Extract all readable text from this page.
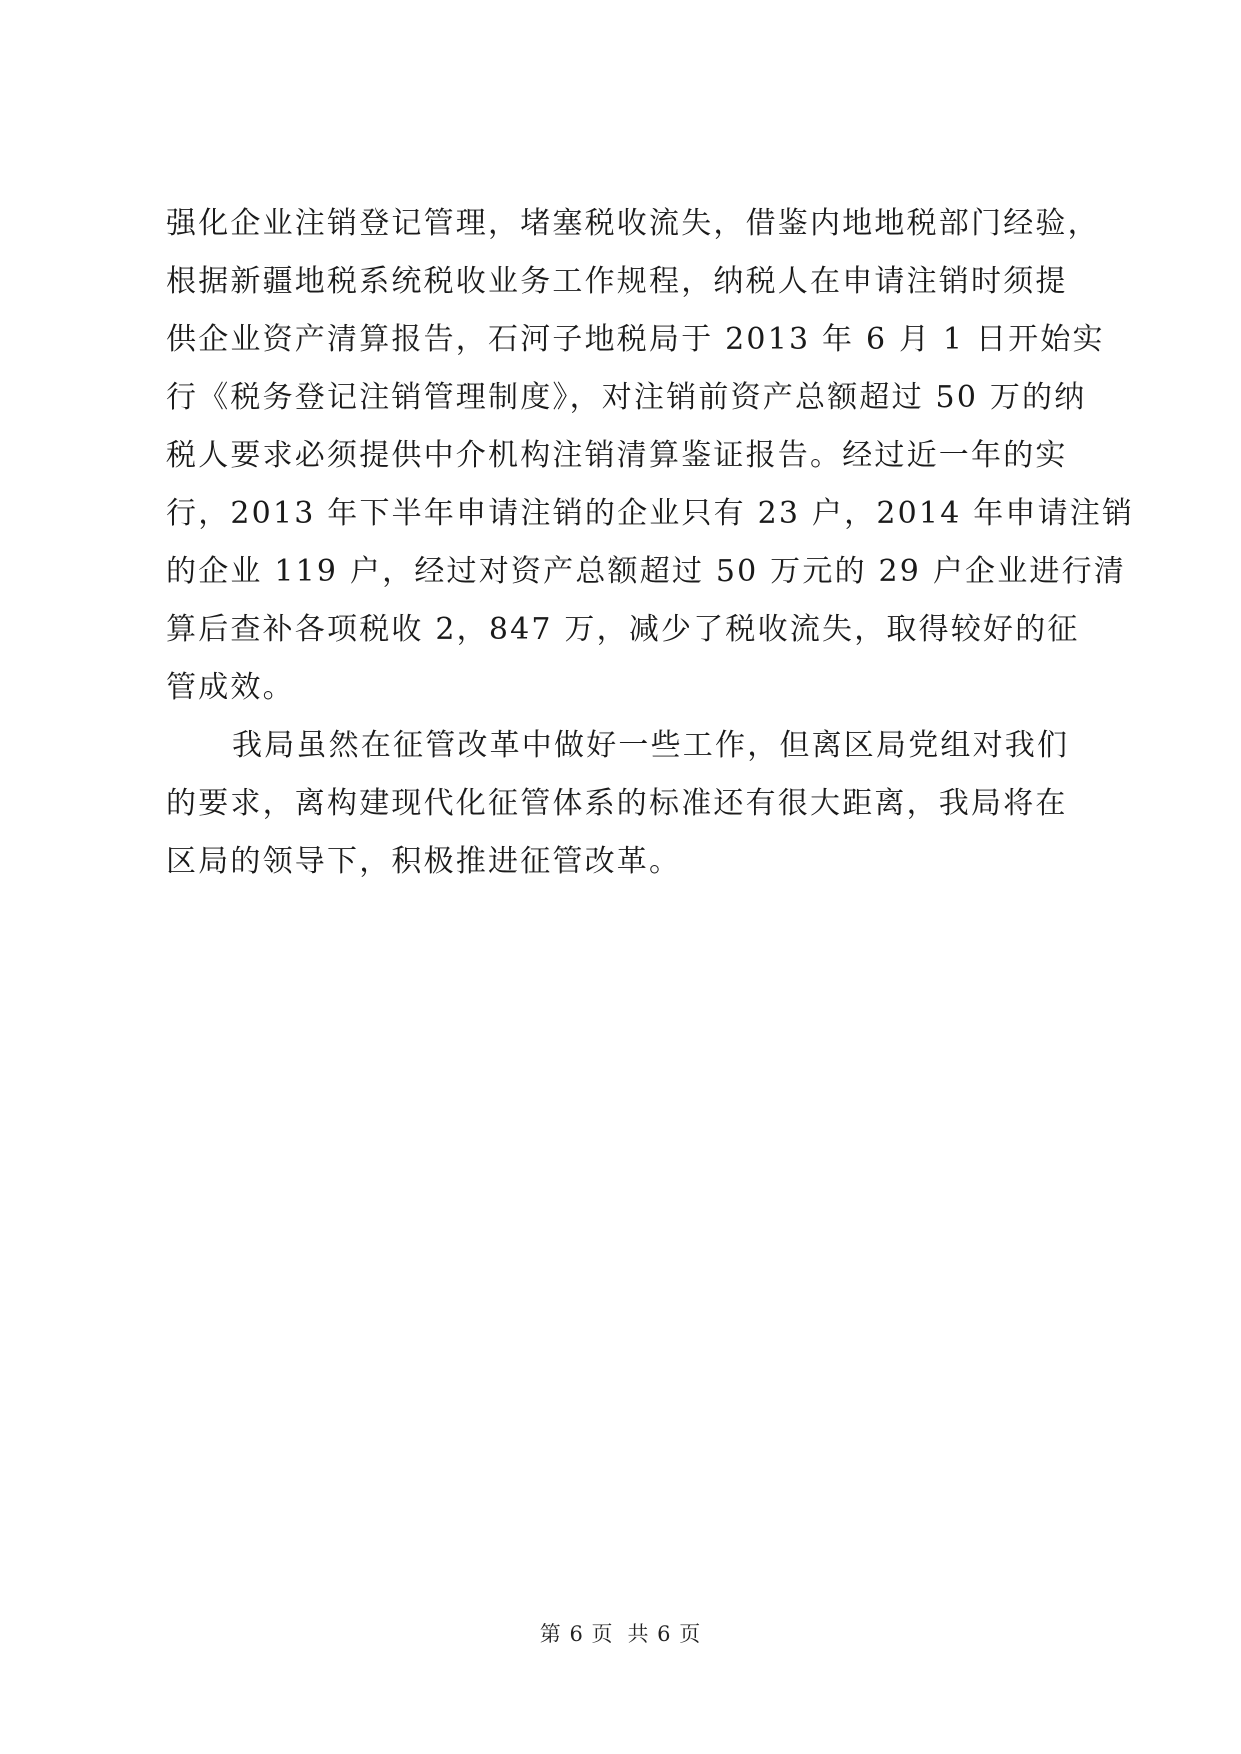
强化企业注销登记管理，堵塞税收流失，借鉴内地地税部门经验，
根据新疆地税系统税收业务工作规程，纳税人在申请注销时须提
供企业资产清算报告，石河子地税局于 2013 年 6 月 1 日开始实
行《税务登记注销管理制度》，对注销前资产总额超过 50 万的纳
税人要求必须提供中介机构注销清算鉴证报告。经过近一年的实
行，2013 年下半年申请注销的企业只有 23 户，2014 年申请注销
的企业 119 户，经过对资产总额超过 50 万元的 29 户企业进行清
算后查补各项税收 2，847 万，减少了税收流失，取得较好的征
管成效。
我局虽然在征管改革中做好一些工作，但离区局党组对我们
的要求，离构建现代化征管体系的标准还有很大距离，我局将在
区局的领导下，积极推进征管改革。
第 6 页 共 6 页
